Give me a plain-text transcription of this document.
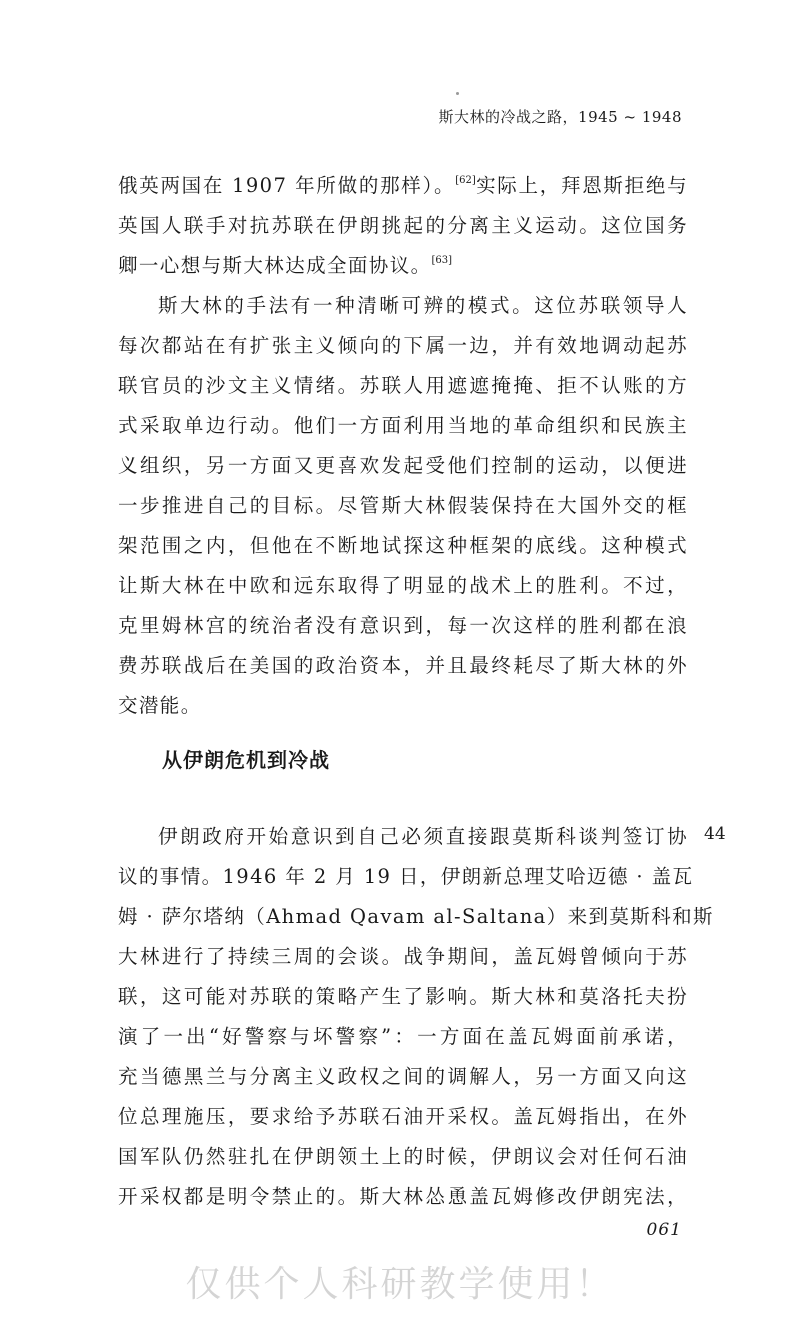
斯大林的冷战之路，1945 ~ 1948
俄英两国在 1907 年所做的那样）。[62]实际上，拜恩斯拒绝与
英国人联手对抗苏联在伊朗挑起的分离主义运动。这位国务
卿一心想与斯大林达成全面协议。[63]
斯大林的手法有一种清晰可辨的模式。这位苏联领导人
每次都站在有扩张主义倾向的下属一边，并有效地调动起苏
联官员的沙文主义情绪。苏联人用遮遮掩掩、拒不认账的方
式采取单边行动。他们一方面利用当地的革命组织和民族主
义组织，另一方面又更喜欢发起受他们控制的运动，以便进
一步推进自己的目标。尽管斯大林假装保持在大国外交的框
架范围之内，但他在不断地试探这种框架的底线。这种模式
让斯大林在中欧和远东取得了明显的战术上的胜利。不过，
克里姆林宫的统治者没有意识到，每一次这样的胜利都在浪
费苏联战后在美国的政治资本，并且最终耗尽了斯大林的外
交潜能。
从伊朗危机到冷战
44
伊朗政府开始意识到自己必须直接跟莫斯科谈判签订协
议的事情。1946 年 2 月 19 日，伊朗新总理艾哈迈德 · 盖瓦
姆 · 萨尔塔纳（Ahmad Qavam al-Saltana）来到莫斯科和斯
大林进行了持续三周的会谈。战争期间，盖瓦姆曾倾向于苏
联，这可能对苏联的策略产生了影响。斯大林和莫洛托夫扮
演了一出“好警察与坏警察”：一方面在盖瓦姆面前承诺，
充当德黑兰与分离主义政权之间的调解人，另一方面又向这
位总理施压，要求给予苏联石油开采权。盖瓦姆指出，在外
国军队仍然驻扎在伊朗领土上的时候，伊朗议会对任何石油
开采权都是明令禁止的。斯大林怂恿盖瓦姆修改伊朗宪法，
061
仅供个人科研教学使用！
